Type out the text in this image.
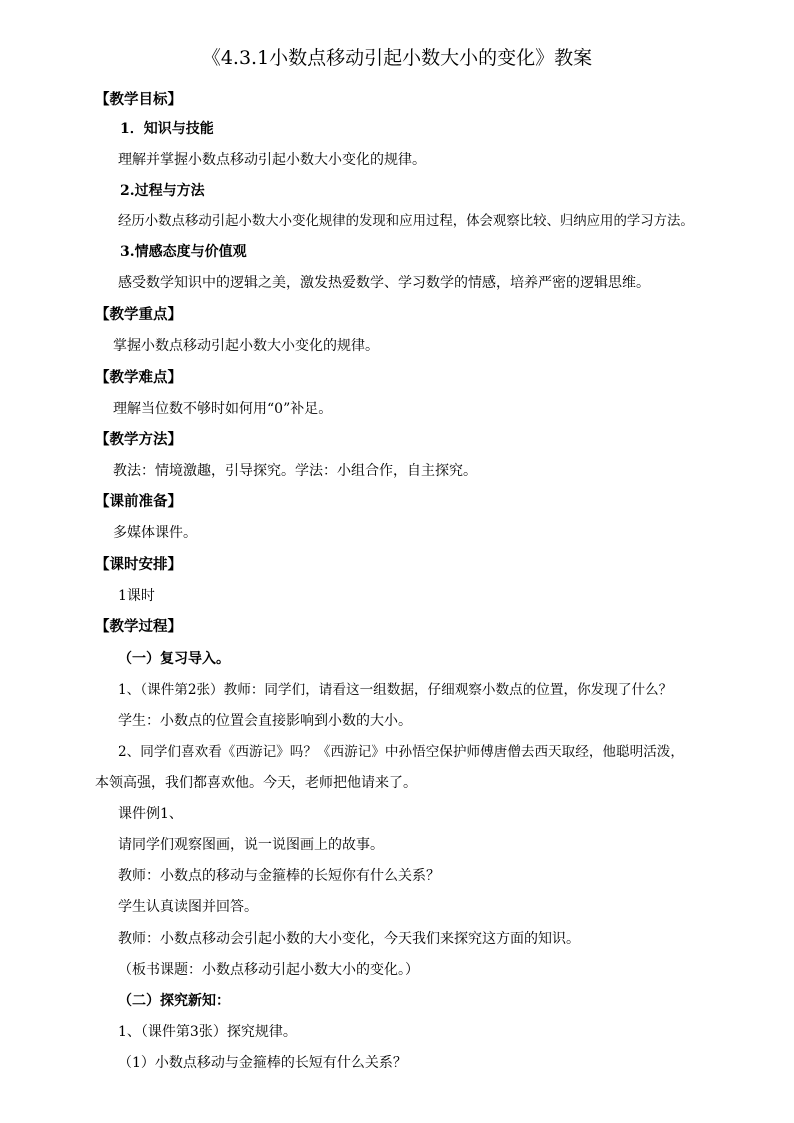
《4.3.1小数点移动引起小数大小的变化》教案
【教学目标】
1．知识与技能
理解并掌握小数点移动引起小数大小变化的规律。
2.过程与方法
经历小数点移动引起小数大小变化规律的发现和应用过程，体会观察比较、归纳应用的学习方法。
3.情感态度与价值观
感受数学知识中的逻辑之美，激发热爱数学、学习数学的情感，培养严密的逻辑思维。
【教学重点】
掌握小数点移动引起小数大小变化的规律。
【教学难点】
理解当位数不够时如何用“0”补足。
【教学方法】
教法：情境激趣，引导探究。学法：小组合作，自主探究。
【课前准备】
多媒体课件。
【课时安排】
1课时
【教学过程】
（一）复习导入。
1、（课件第2张）教师：同学们，请看这一组数据，仔细观察小数点的位置，你发现了什么？
学生：小数点的位置会直接影响到小数的大小。
2、同学们喜欢看《西游记》吗？《西游记》中孙悟空保护师傅唐僧去西天取经，他聪明活泼，
本领高强，我们都喜欢他。今天，老师把他请来了。
课件例1、
请同学们观察图画，说一说图画上的故事。
教师：小数点的移动与金箍棒的长短你有什么关系？
学生认真读图并回答。
教师：小数点移动会引起小数的大小变化，今天我们来探究这方面的知识。
（板书课题：小数点移动引起小数大小的变化。）
（二）探究新知：
1、（课件第3张）探究规律。
（1）小数点移动与金箍棒的长短有什么关系？
